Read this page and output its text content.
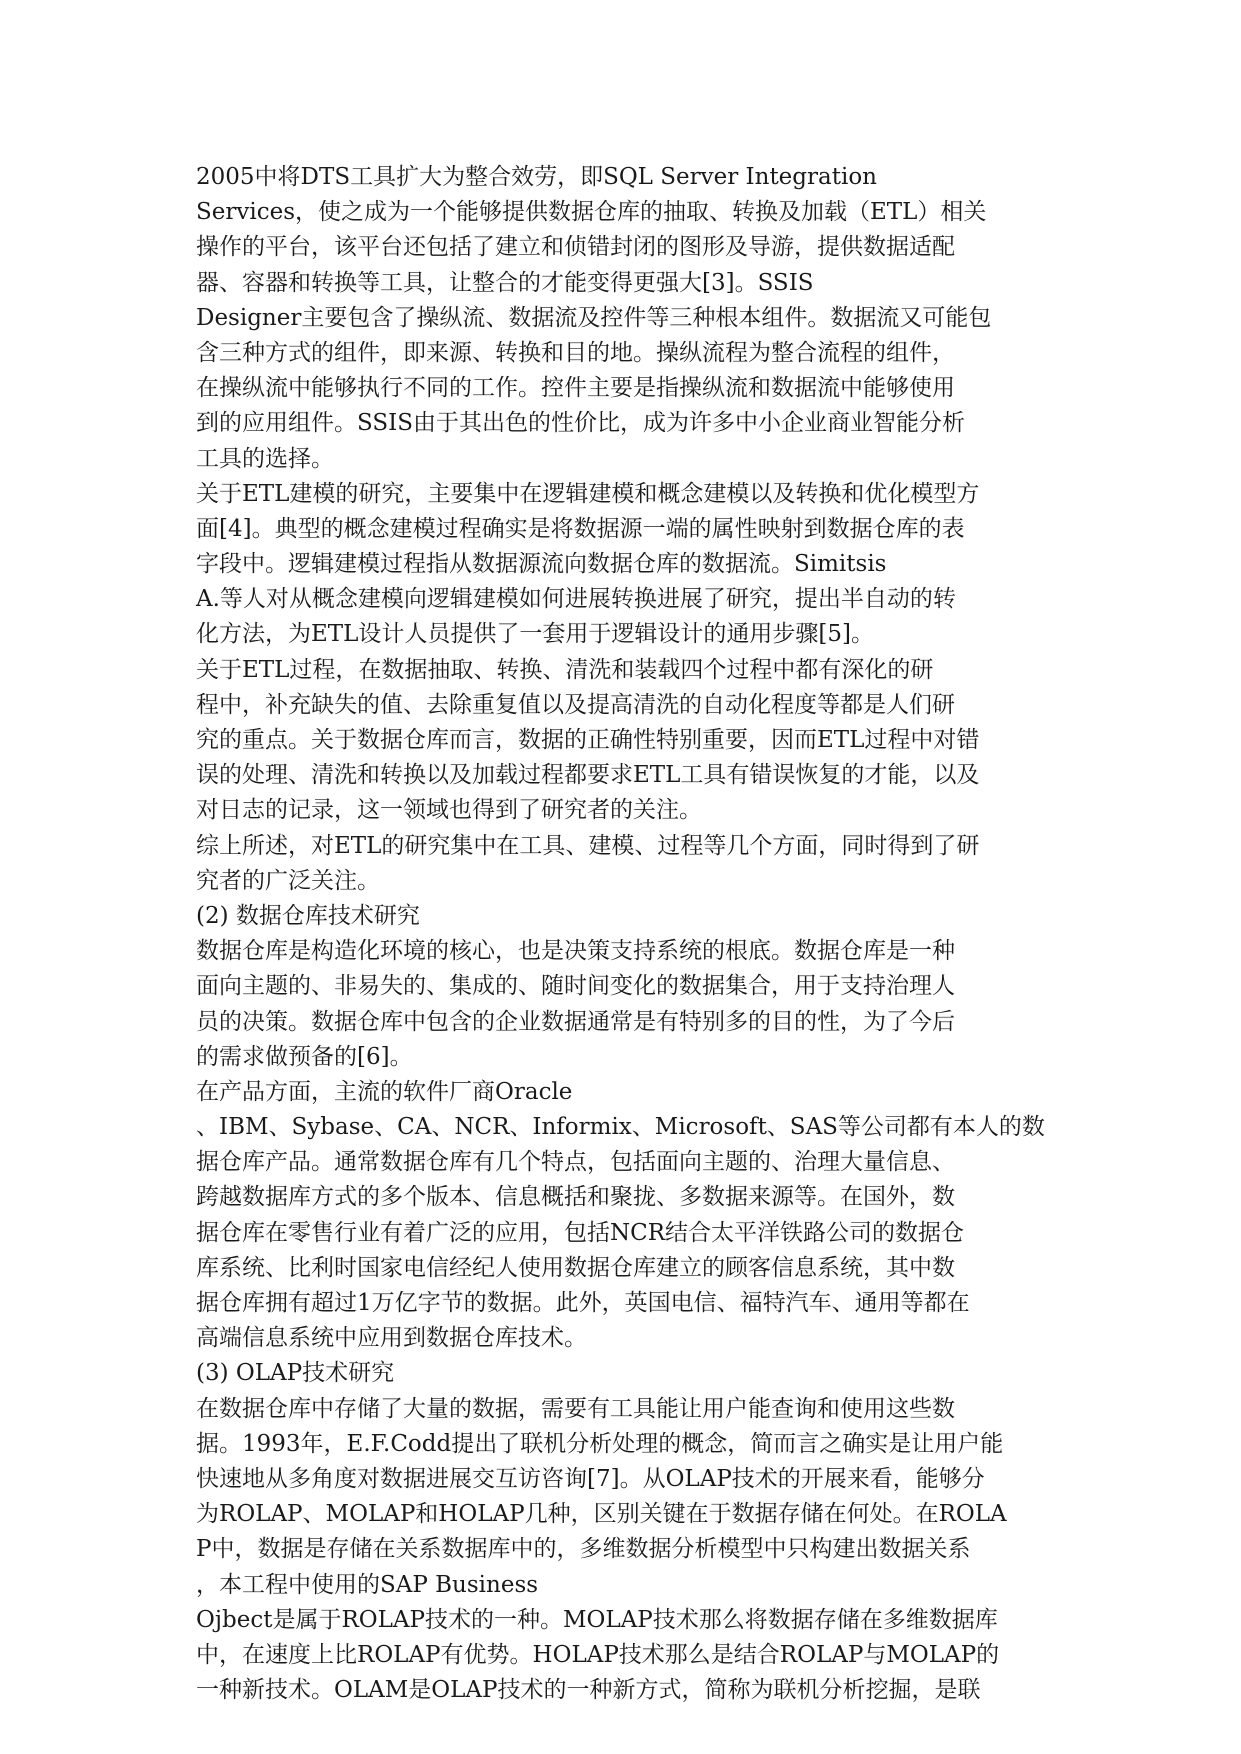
2005中将DTS工具扩大为整合效劳，即SQL Server Integration
Services，使之成为一个能够提供数据仓库的抽取、转换及加载（ETL）相关
操作的平台，该平台还包括了建立和侦错封闭的图形及导游，提供数据适配
器、容器和转换等工具，让整合的才能变得更强大[3]。SSIS
Designer主要包含了操纵流、数据流及控件等三种根本组件。数据流又可能包
含三种方式的组件，即来源、转换和目的地。操纵流程为整合流程的组件，
在操纵流中能够执行不同的工作。控件主要是指操纵流和数据流中能够使用
到的应用组件。SSIS由于其出色的性价比，成为许多中小企业商业智能分析
工具的选择。
关于ETL建模的研究，主要集中在逻辑建模和概念建模以及转换和优化模型方
面[4]。典型的概念建模过程确实是将数据源一端的属性映射到数据仓库的表
字段中。逻辑建模过程指从数据源流向数据仓库的数据流。Simitsis
A.等人对从概念建模向逻辑建模如何进展转换进展了研究，提出半自动的转
化方法，为ETL设计人员提供了一套用于逻辑设计的通用步骤[5]。
关于ETL过程，在数据抽取、转换、清洗和装载四个过程中都有深化的研
程中，补充缺失的值、去除重复值以及提高清洗的自动化程度等都是人们研
究的重点。关于数据仓库而言，数据的正确性特别重要，因而ETL过程中对错
误的处理、清洗和转换以及加载过程都要求ETL工具有错误恢复的才能，以及
对日志的记录，这一领域也得到了研究者的关注。
综上所述，对ETL的研究集中在工具、建模、过程等几个方面，同时得到了研
究者的广泛关注。
(2) 数据仓库技术研究
数据仓库是构造化环境的核心，也是决策支持系统的根底。数据仓库是一种
面向主题的、非易失的、集成的、随时间变化的数据集合，用于支持治理人
员的决策。数据仓库中包含的企业数据通常是有特别多的目的性，为了今后
的需求做预备的[6]。
在产品方面，主流的软件厂商Oracle
、IBM、Sybase、CA、NCR、Informix、Microsoft、SAS等公司都有本人的数
据仓库产品。通常数据仓库有几个特点，包括面向主题的、治理大量信息、
跨越数据库方式的多个版本、信息概括和聚拢、多数据来源等。在国外，数
据仓库在零售行业有着广泛的应用，包括NCR结合太平洋铁路公司的数据仓
库系统、比利时国家电信经纪人使用数据仓库建立的顾客信息系统，其中数
据仓库拥有超过1万亿字节的数据。此外，英国电信、福特汽车、通用等都在
高端信息系统中应用到数据仓库技术。
(3) OLAP技术研究
在数据仓库中存储了大量的数据，需要有工具能让用户能查询和使用这些数
据。1993年，E.F.Codd提出了联机分析处理的概念，简而言之确实是让用户能
快速地从多角度对数据进展交互访咨询[7]。从OLAP技术的开展来看，能够分
为ROLAP、MOLAP和HOLAP几种，区别关键在于数据存储在何处。在ROLA
P中，数据是存储在关系数据库中的，多维数据分析模型中只构建出数据关系
，本工程中使用的SAP Business
Ojbect是属于ROLAP技术的一种。MOLAP技术那么将数据存储在多维数据库
中，在速度上比ROLAP有优势。HOLAP技术那么是结合ROLAP与MOLAP的
一种新技术。OLAM是OLAP技术的一种新方式，简称为联机分析挖掘，是联
